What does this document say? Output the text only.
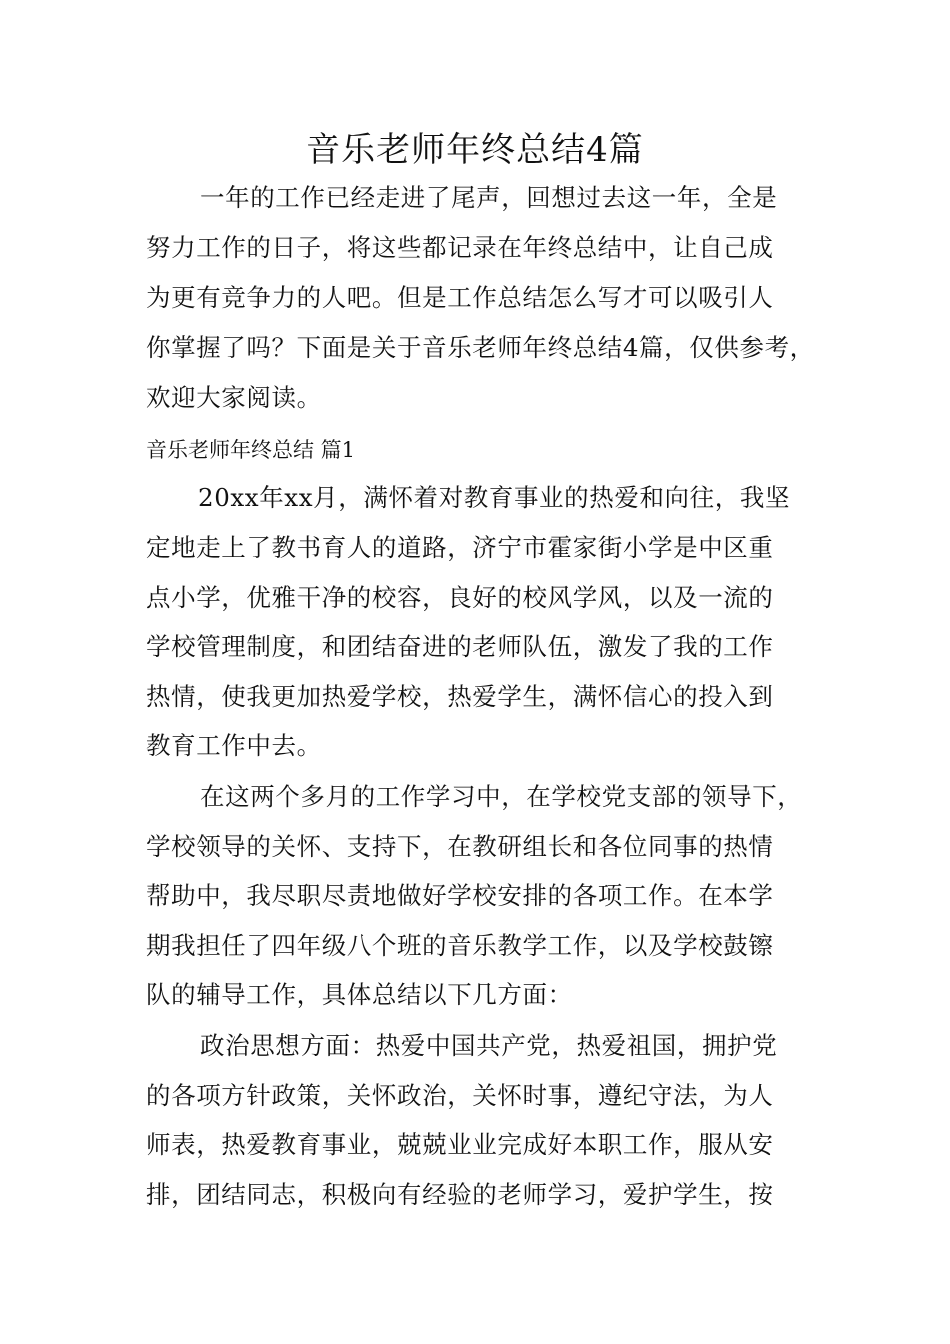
音乐老师年终总结4篇
一年的工作已经走进了尾声，回想过去这一年，全是
努力工作的日子，将这些都记录在年终总结中，让自己成
为更有竞争力的人吧。但是工作总结怎么写才可以吸引人
你掌握了吗？下面是关于音乐老师年终总结4篇，仅供参考，
欢迎大家阅读。
音乐老师年终总结 篇1
20xx年xx月，满怀着对教育事业的热爱和向往，我坚
定地走上了教书育人的道路，济宁市霍家街小学是中区重
点小学，优雅干净的校容，良好的校风学风，以及一流的
学校管理制度，和团结奋进的老师队伍，激发了我的工作
热情，使我更加热爱学校，热爱学生，满怀信心的投入到
教育工作中去。
在这两个多月的工作学习中，在学校党支部的领导下，
学校领导的关怀、支持下，在教研组长和各位同事的热情
帮助中，我尽职尽责地做好学校安排的各项工作。在本学
期我担任了四年级八个班的音乐教学工作，以及学校鼓镲
队的辅导工作，具体总结以下几方面：
政治思想方面：热爱中国共产党，热爱祖国，拥护党
的各项方针政策，关怀政治，关怀时事，遵纪守法，为人
师表，热爱教育事业，兢兢业业完成好本职工作，服从安
排，团结同志，积极向有经验的老师学习，爱护学生，按
